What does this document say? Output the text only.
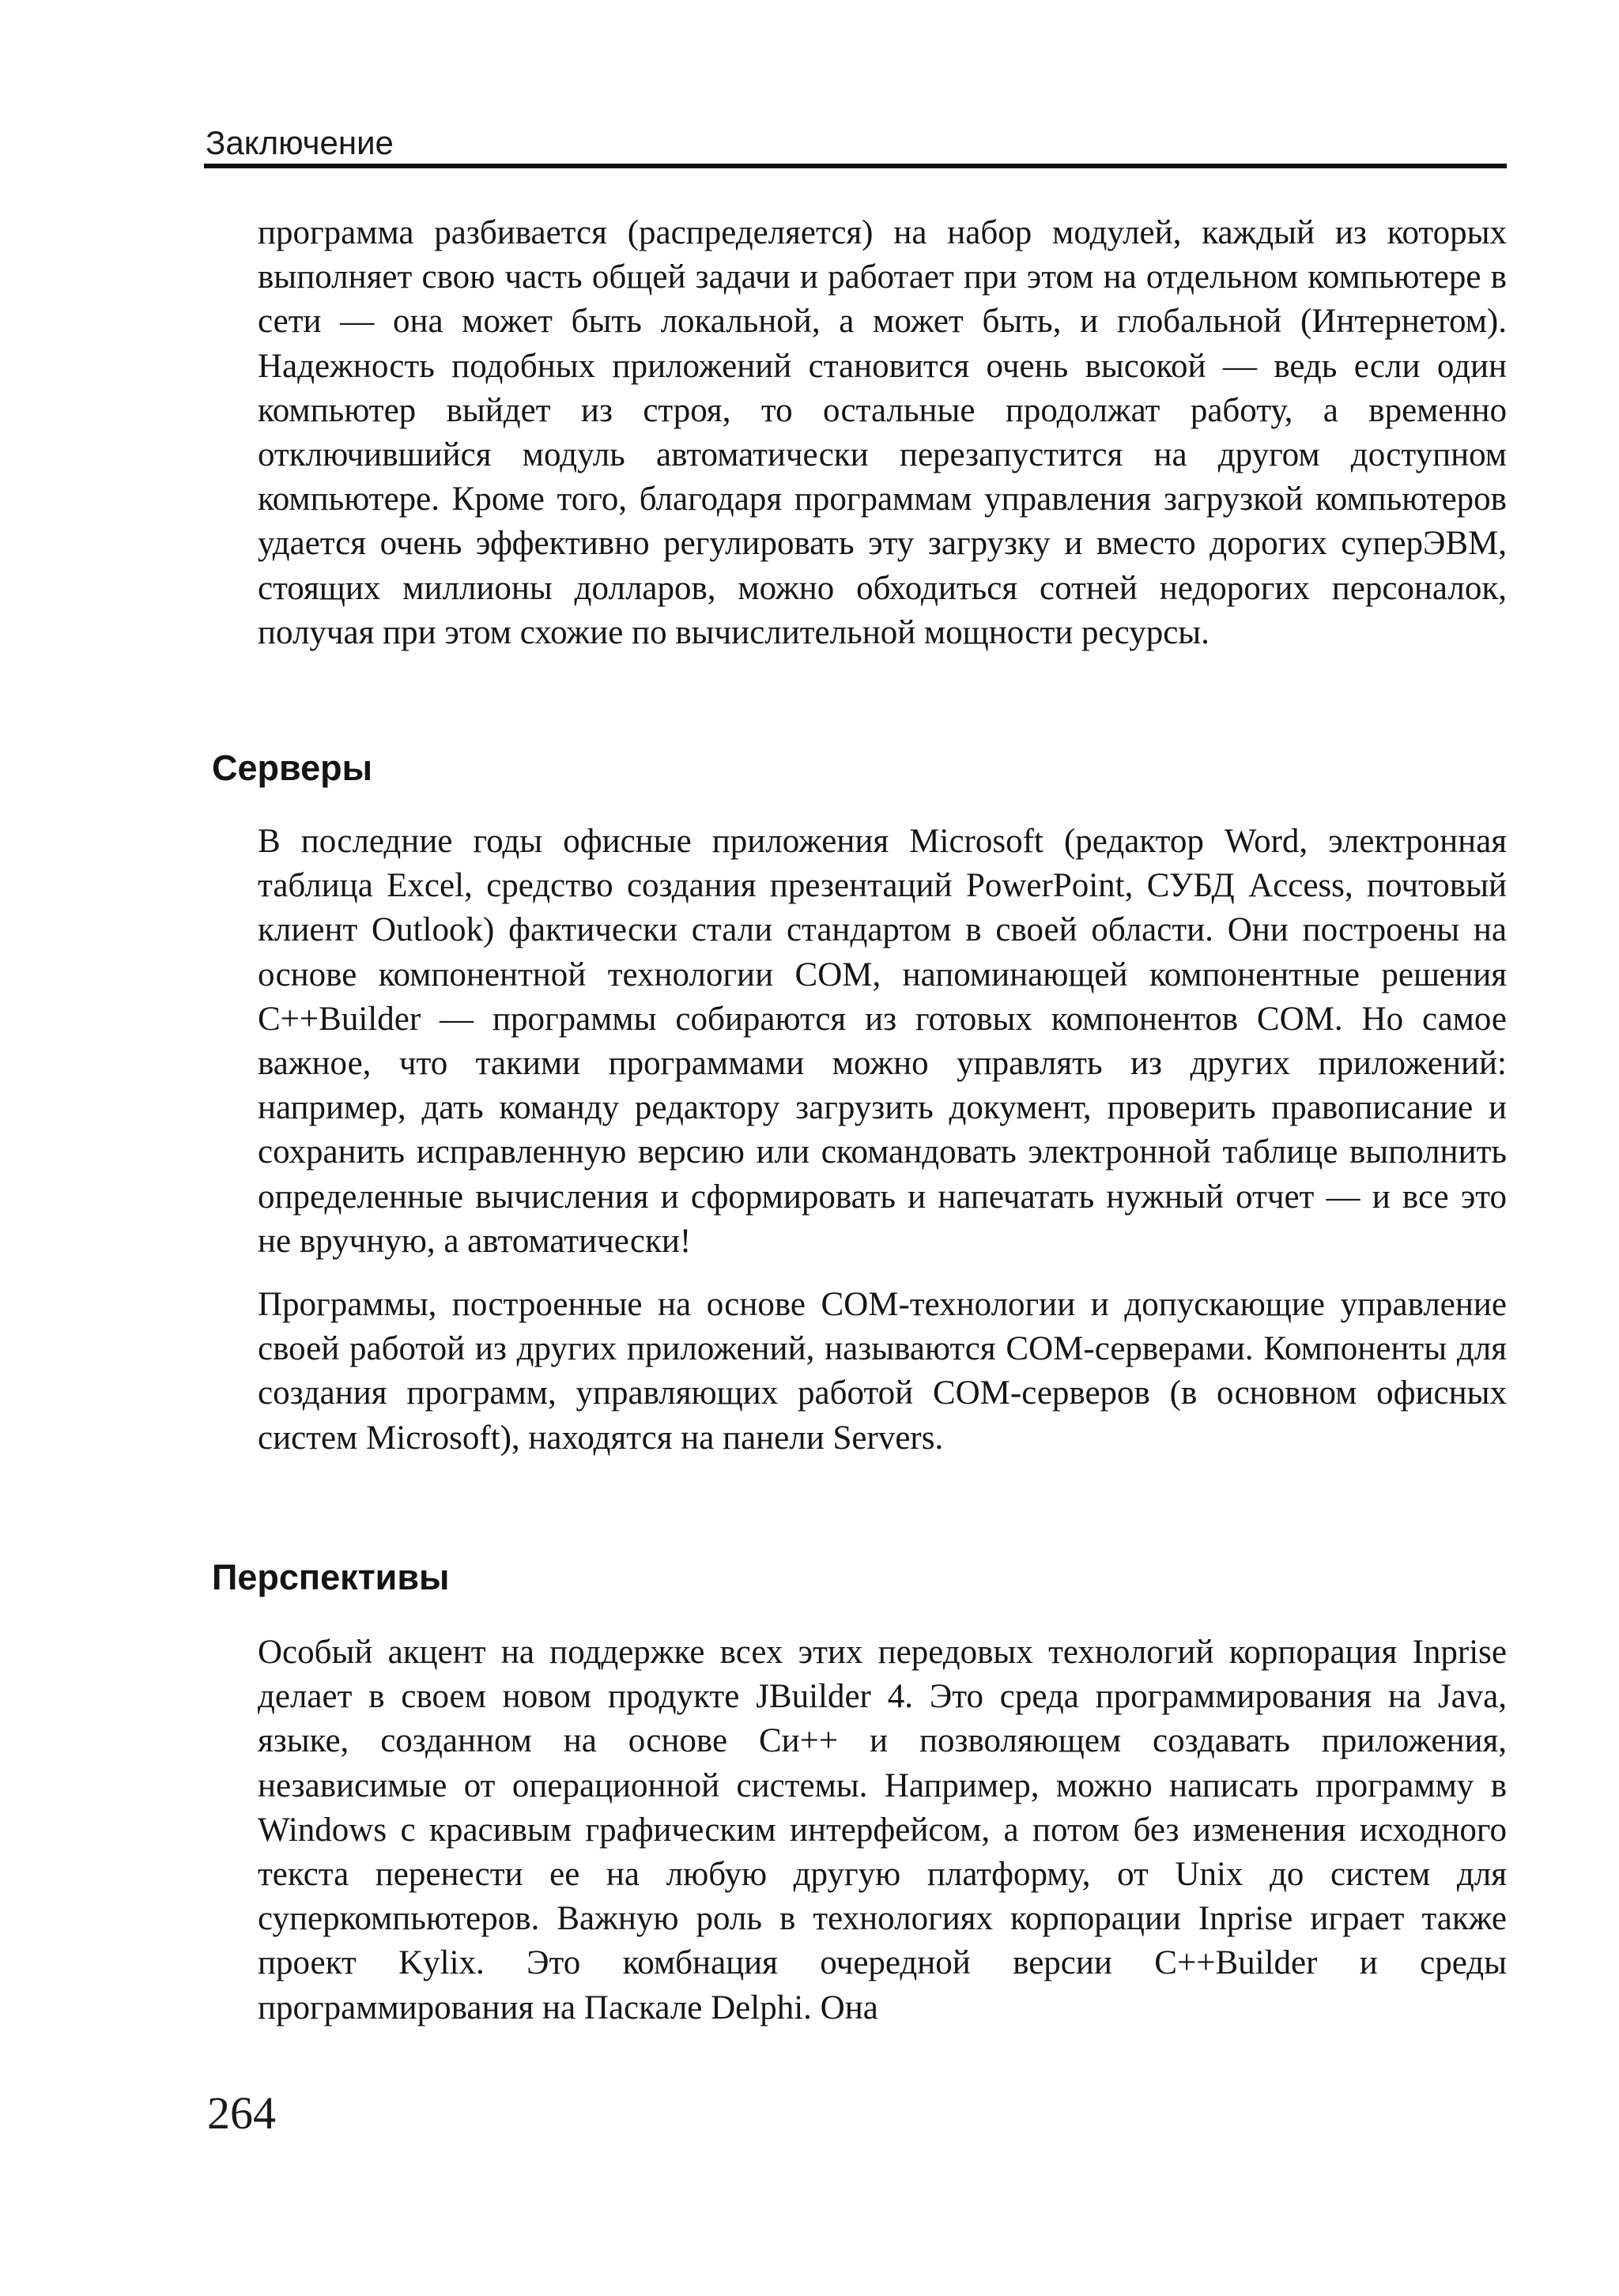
Заключение

программа разбивается (распределяется) на набор модулей, каждый из которых выполняет свою часть общей задачи и работает при этом на отдельном компьютере в сети — она может быть локальной, а может быть, и глобальной (Интернетом). Надежность подобных приложений становится очень высокой — ведь если один компьютер выйдет из строя, то остальные продолжат работу, а временно отключившийся модуль автоматически перезапустится на другом доступном компьютере. Кроме того, благодаря программам управления загрузкой компьютеров удается очень эффективно регулировать эту загрузку и вместо дорогих суперЭВМ, стоящих миллионы долларов, можно обходиться сотней недорогих персоналок, получая при этом схожие по вычислительной мощности ресурсы.

Серверы

В последние годы офисные приложения Microsoft (редактор Word, электронная таблица Excel, средство создания презентаций PowerPoint, СУБД Access, почтовый клиент Outlook) фактически стали стандартом в своей области. Они построены на основе компонентной технологии COM, напоминающей компонентные решения C++Builder — программы собираются из готовых компонентов COM. Но самое важное, что такими программами можно управлять из других приложений: например, дать команду редактору загрузить документ, проверить правописание и сохранить исправленную версию или скомандовать электронной таблице выполнить определенные вычисления и сформировать и напечатать нужный отчет — и все это не вручную, а автоматически!

Программы, построенные на основе COM-технологии и допускающие управление своей работой из других приложений, называются COM-серверами. Компоненты для создания программ, управляющих работой COM-серверов (в основном офисных систем Microsoft), находятся на панели Servers.

Перспективы

Особый акцент на поддержке всех этих передовых технологий корпорация Inprise делает в своем новом продукте JBuilder 4. Это среда программирования на Java, языке, созданном на основе Си++ и позволяющем создавать приложения, независимые от операционной системы. Например, можно написать программу в Windows с красивым графическим интерфейсом, а потом без изменения исходного текста перенести ее на любую другую платформу, от Unix до систем для суперкомпьютеров. Важную роль в технологиях корпорации Inprise играет также проект Kylix. Это комбнация очередной версии C++Builder и среды программирования на Паскале Delphi. Она

264
